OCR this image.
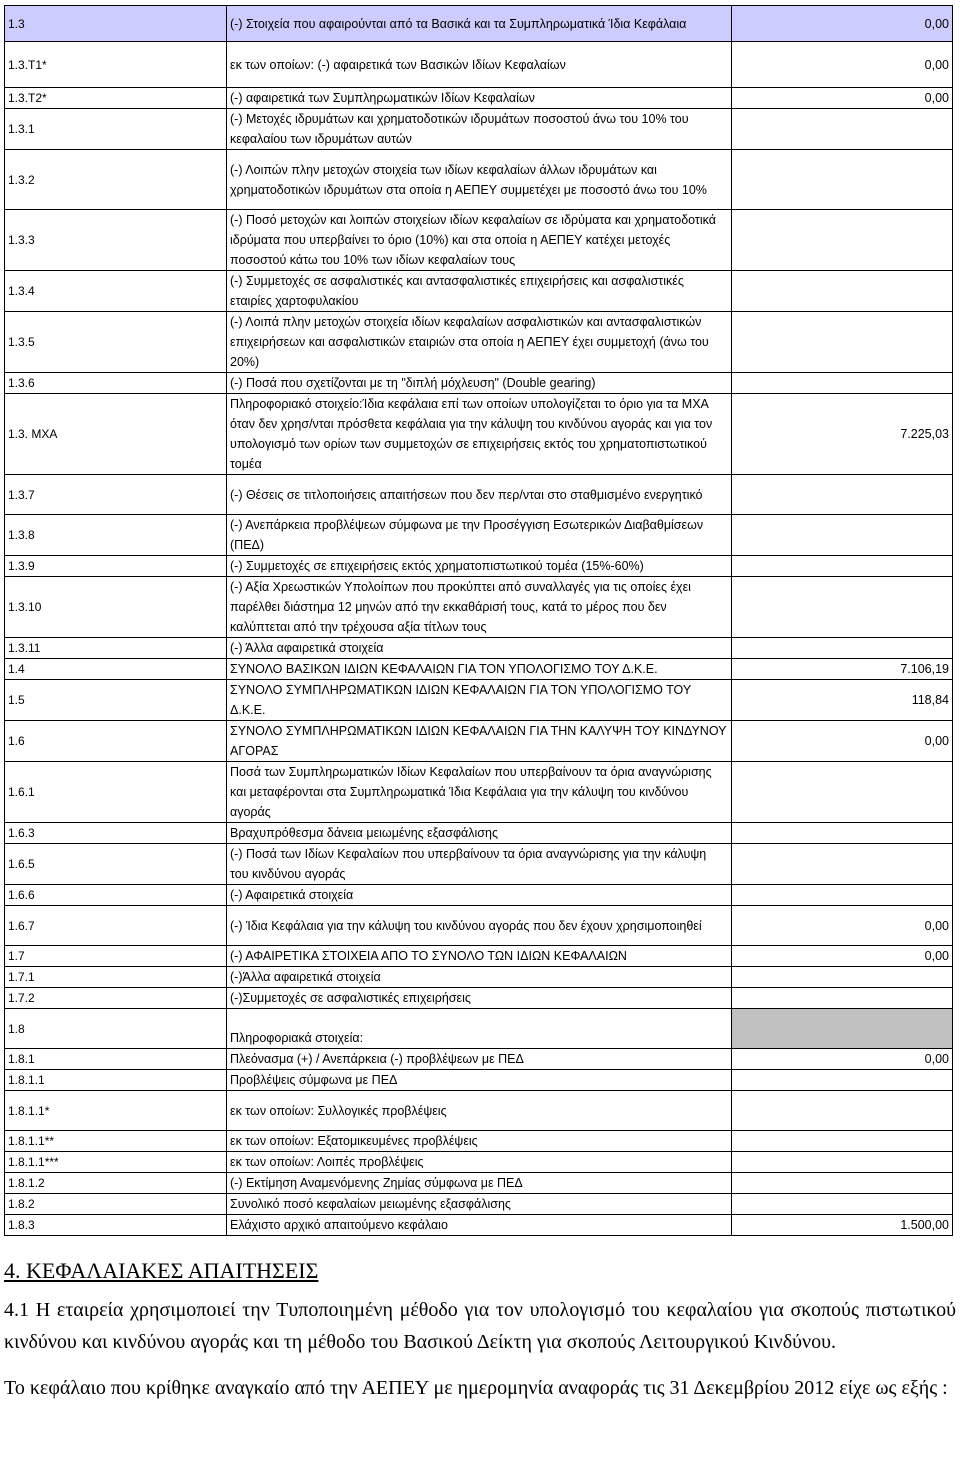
1.3	(-) Στοιχεία που αφαιρούνται από τα Βασικά και τα Συμπληρωματικά Ίδια Κεφάλαια	0,00
1.3.Τ1*	εκ των οποίων: (-) αφαιρετικά των Βασικών Ιδίων Κεφαλαίων	0,00
1.3.Τ2*	(-) αφαιρετικά των Συμπληρωματικών Ιδίων Κεφαλαίων	0,00
1.3.1	(-) Μετοχές ιδρυμάτων και χρηματοδοτικών ιδρυμάτων ποσοστού άνω του 10% του κεφαλαίου των ιδρυμάτων αυτών	
1.3.2	(-) Λοιπών πλην μετοχών στοιχεία των ιδίων κεφαλαίων άλλων ιδρυμάτων και χρηματοδοτικών ιδρυμάτων στα οποία η ΑΕΠΕΥ συμμετέχει με ποσοστό άνω του 10%	
1.3.3	(-) Ποσό μετοχών και λοιπών στοιχείων ιδίων κεφαλαίων σε ιδρύματα και χρηματοδοτικά ιδρύματα που υπερβαίνει το όριο (10%) και στα οποία η ΑΕΠΕΥ κατέχει μετοχές ποσοστού κάτω του 10% των ιδίων κεφαλαίων τους	
1.3.4	(-) Συμμετοχές σε ασφαλιστικές και αντασφαλιστικές επιχειρήσεις και ασφαλιστικές εταιρίες χαρτοφυλακίου	
1.3.5	(-) Λοιπά πλην μετοχών στοιχεία ιδίων κεφαλαίων ασφαλιστικών και αντασφαλιστικών επιχειρήσεων και ασφαλιστικών εταιριών στα οποία η ΑΕΠΕΥ έχει συμμετοχή (άνω του 20%)	
1.3.6	(-) Ποσά που σχετίζονται με τη "διπλή μόχλευση" (Double gearing)	
1.3. ΜΧΑ	Πληροφοριακό στοιχείο:Ίδια κεφάλαια επί των οποίων υπολογίζεται το όριο για τα ΜΧΑ όταν δεν χρησ/νται πρόσθετα κεφάλαια για την κάλυψη του κινδύνου αγοράς και για τον υπολογισμό των ορίων των συμμετοχών σε επιχειρήσεις εκτός του χρηματοπιστωτικού τομέα	7.225,03
1.3.7	(-) Θέσεις σε τιτλοποιήσεις απαιτήσεων που δεν περ/νται στο σταθμισμένο ενεργητικό	
1.3.8	(-) Ανεπάρκεια προβλέψεων σύμφωνα με την Προσέγγιση Εσωτερικών Διαβαθμίσεων (ΠΕΔ)	
1.3.9	(-) Συμμετοχές σε επιχειρήσεις εκτός χρηματοπιστωτικού τομέα (15%-60%)	
1.3.10	(-) Αξία Χρεωστικών Υπολοίπων που προκύπτει από συναλλαγές για τις οποίες έχει παρέλθει διάστημα 12 μηνών από την εκκαθάρισή τους, κατά το μέρος που δεν καλύπτεται από την τρέχουσα αξία τίτλων τους	
1.3.11	(-) Άλλα αφαιρετικά στοιχεία	
1.4	ΣΥΝΟΛΟ ΒΑΣΙΚΩΝ ΙΔΙΩΝ ΚΕΦΑΛΑΙΩΝ ΓΙΑ ΤΟΝ ΥΠΟΛΟΓΙΣΜΟ ΤΟΥ Δ.Κ.Ε.	7.106,19
1.5	ΣΥΝΟΛΟ ΣΥΜΠΛΗΡΩΜΑΤΙΚΩΝ ΙΔΙΩΝ ΚΕΦΑΛΑΙΩΝ ΓΙΑ ΤΟΝ ΥΠΟΛΟΓΙΣΜΟ ΤΟΥ Δ.Κ.Ε.	118,84
1.6	ΣΥΝΟΛΟ ΣΥΜΠΛΗΡΩΜΑΤΙΚΩΝ ΙΔΙΩΝ ΚΕΦΑΛΑΙΩΝ ΓΙΑ ΤΗΝ ΚΑΛΥΨΗ ΤΟΥ ΚΙΝΔΥΝΟΥ ΑΓΟΡΑΣ	0,00
1.6.1	Ποσά των Συμπληρωματικών Ιδίων Κεφαλαίων που υπερβαίνουν τα όρια αναγνώρισης και μεταφέρονται στα Συμπληρωματικά Ίδια Κεφάλαια για την κάλυψη του κινδύνου αγοράς	
1.6.3	Βραχυπρόθεσμα δάνεια μειωμένης εξασφάλισης	
1.6.5	(-) Ποσά των Ιδίων Κεφαλαίων που υπερβαίνουν τα όρια αναγνώρισης για την κάλυψη του κινδύνου αγοράς	
1.6.6	(-) Αφαιρετικά στοιχεία	
1.6.7	(-) Ίδια Κεφάλαια για την κάλυψη του κινδύνου αγοράς που δεν έχουν χρησιμοποιηθεί	0,00
1.7	(-) ΑΦΑΙΡΕΤΙΚΑ ΣΤΟΙΧΕΙΑ ΑΠΟ ΤΟ ΣΥΝΟΛΟ ΤΩΝ ΙΔΙΩΝ ΚΕΦΑΛΑΙΩΝ	0,00
1.7.1	(-)Άλλα αφαιρετικά στοιχεία	
1.7.2	(-)Συμμετοχές σε ασφαλιστικές επιχειρήσεις	
1.8	Πληροφοριακά στοιχεία:	
1.8.1	Πλεόνασμα (+) / Ανεπάρκεια (-) προβλέψεων με ΠΕΔ	0,00
1.8.1.1	Προβλέψεις σύμφωνα με ΠΕΔ	
1.8.1.1*	εκ των οποίων: Συλλογικές προβλέψεις	
1.8.1.1**	εκ των οποίων: Εξατομικευμένες προβλέψεις	
1.8.1.1***	εκ των οποίων: Λοιπές προβλέψεις	
1.8.1.2	(-) Εκτίμηση Αναμενόμενης Ζημίας σύμφωνα με ΠΕΔ	
1.8.2	Συνολικό ποσό κεφαλαίων μειωμένης εξασφάλισης	
1.8.3	Ελάχιστο αρχικό απαιτούμενο κεφάλαιο	1.500,00
4. ΚΕΦΑΛΑΙΑΚΕΣ ΑΠΑΙΤΗΣΕΙΣ

4.1 Η εταιρεία χρησιμοποιεί την Τυποποιημένη μέθοδο για τον υπολογισμό του κεφαλαίου για σκοπούς πιστωτικού κινδύνου και κινδύνου αγοράς και τη μέθοδο του Βασικού Δείκτη για σκοπούς Λειτουργικού Κινδύνου.

Το κεφάλαιο που κρίθηκε αναγκαίο από την ΑΕΠΕΥ με ημερομηνία αναφοράς τις 31 Δεκεμβρίου 2012 είχε ως εξής :
